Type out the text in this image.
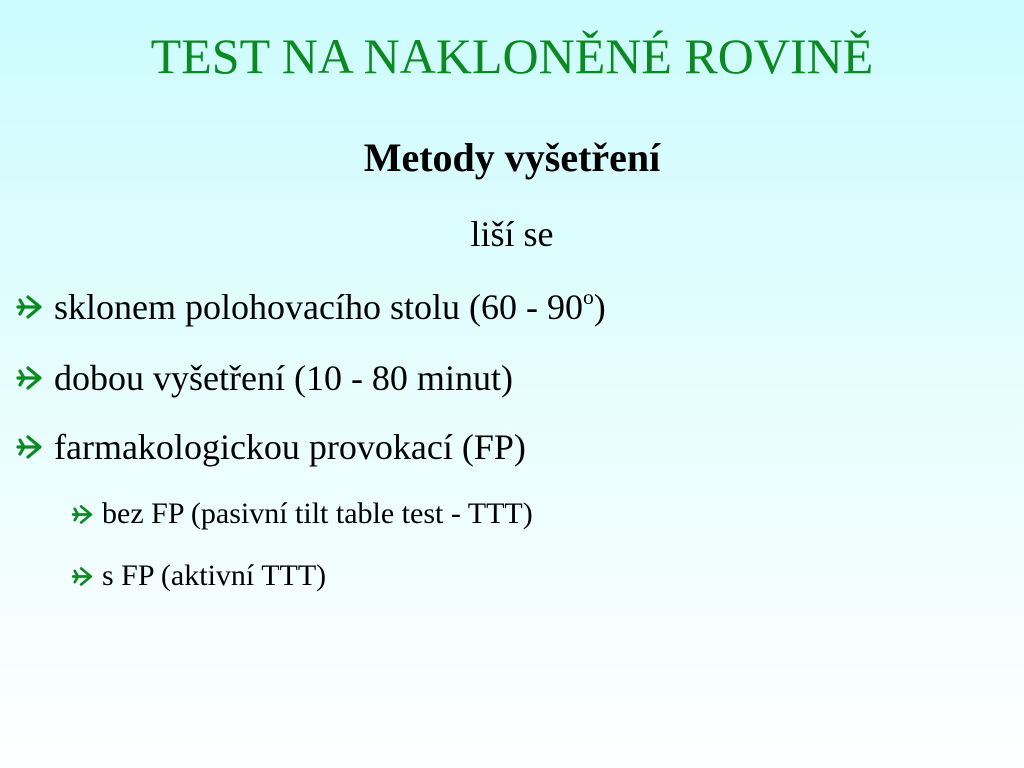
TEST NA NAKLONĚNÉ ROVINĚ
Metody vyšetření
liší se
sklonem polohovacího stolu (60 - 90$^o$)
dobou vyšetření (10 - 80 minut)
farmakologickou provokací (FP)
bez FP (pasivní tilt table test - TTT)
s FP (aktivní TTT)
